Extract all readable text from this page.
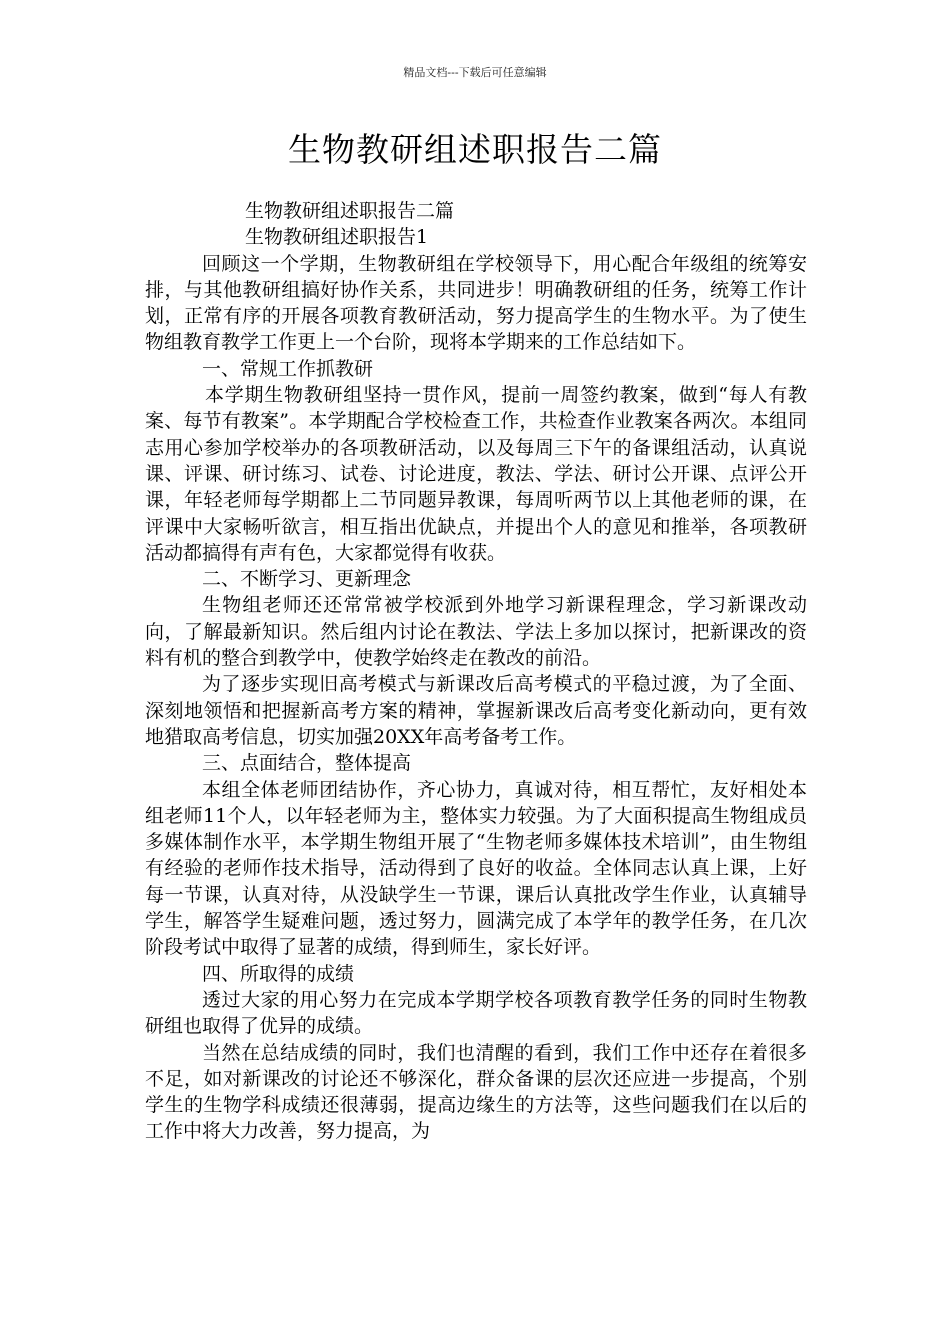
精品文档---下载后可任意编辑
生物教研组述职报告二篇

生物教研组述职报告二篇

生物教研组述职报告1

回顾这一个学期，生物教研组在学校领导下，用心配合年级组的统筹安排，与其他教研组搞好协作关系，共同进步！明确教研组的任务，统筹工作计划，正常有序的开展各项教育教研活动，努力提高学生的生物水平。为了使生物组教育教学工作更上一个台阶，现将本学期来的工作总结如下。

一、常规工作抓教研

本学期生物教研组坚持一贯作风，提前一周签约教案，做到“每人有教案、每节有教案”。本学期配合学校检查工作，共检查作业教案各两次。本组同志用心参加学校举办的各项教研活动，以及每周三下午的备课组活动，认真说课、评课、研讨练习、试卷、讨论进度，教法、学法、研讨公开课、点评公开课，年轻老师每学期都上二节同题异教课，每周听两节以上其他老师的课，在评课中大家畅听欲言，相互指出优缺点，并提出个人的意见和推举，各项教研活动都搞得有声有色，大家都觉得有收获。

二、不断学习、更新理念

生物组老师还还常常被学校派到外地学习新课程理念，学习新课改动向，了解最新知识。然后组内讨论在教法、学法上多加以探讨，把新课改的资料有机的整合到教学中，使教学始终走在教改的前沿。

为了逐步实现旧高考模式与新课改后高考模式的平稳过渡，为了全面、深刻地领悟和把握新高考方案的精神，掌握新课改后高考变化新动向，更有效地猎取高考信息，切实加强20XX年高考备考工作。

三、点面结合，整体提高

本组全体老师团结协作，齐心协力，真诚对待，相互帮忙，友好相处本组老师11个人，以年轻老师为主，整体实力较强。为了大面积提高生物组成员多媒体制作水平，本学期生物组开展了“生物老师多媒体技术培训”，由生物组有经验的老师作技术指导，活动得到了良好的收益。全体同志认真上课，上好每一节课，认真对待，从没缺学生一节课，课后认真批改学生作业，认真辅导学生，解答学生疑难问题，透过努力，圆满完成了本学年的教学任务，在几次阶段考试中取得了显著的成绩，得到师生，家长好评。

四、所取得的成绩

透过大家的用心努力在完成本学期学校各项教育教学任务的同时生物教研组也取得了优异的成绩。

当然在总结成绩的同时，我们也清醒的看到，我们工作中还存在着很多不足，如对新课改的讨论还不够深化，群众备课的层次还应进一步提高，个别学生的生物学科成绩还很薄弱，提高边缘生的方法等，这些问题我们在以后的工作中将大力改善，努力提高，为
